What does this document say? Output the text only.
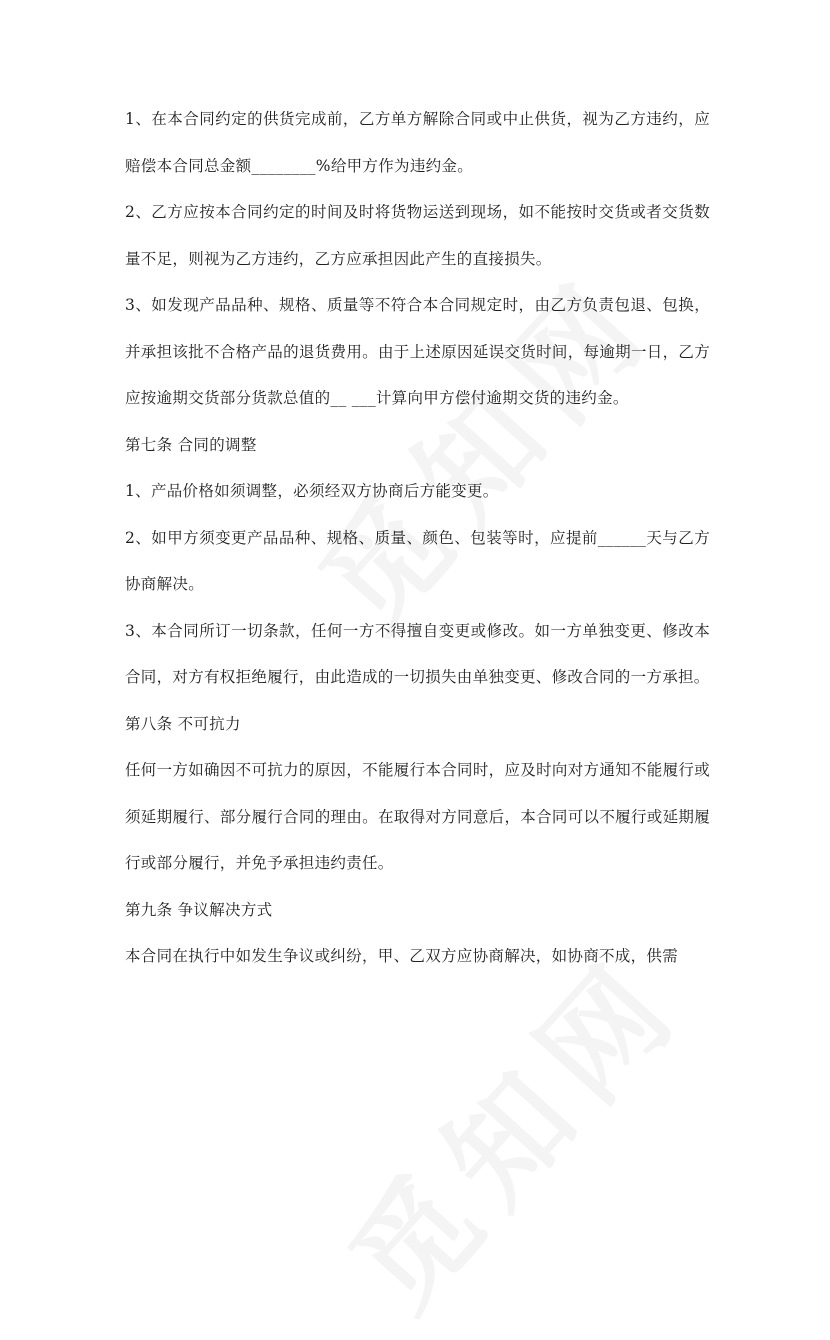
1、在本合同约定的供货完成前，乙方单方解除合同或中止供货，视为乙方违约，应赔偿本合同总金额________%给甲方作为违约金。

2、乙方应按本合同约定的时间及时将货物运送到现场，如不能按时交货或者交货数量不足，则视为乙方违约，乙方应承担因此产生的直接损失。

3、如发现产品品种、规格、质量等不符合本合同规定时，由乙方负责包退、包换，并承担该批不合格产品的退货费用。由于上述原因延误交货时间，每逾期一日，乙方应按逾期交货部分货款总值的__ ___计算向甲方偿付逾期交货的违约金。

第七条 合同的调整

1、产品价格如须调整，必须经双方协商后方能变更。

2、如甲方须变更产品品种、规格、质量、颜色、包装等时，应提前______天与乙方协商解决。

3、本合同所订一切条款，任何一方不得擅自变更或修改。如一方单独变更、修改本合同，对方有权拒绝履行，由此造成的一切损失由单独变更、修改合同的一方承担。

第八条 不可抗力

任何一方如确因不可抗力的原因，不能履行本合同时，应及时向对方通知不能履行或须延期履行、部分履行合同的理由。在取得对方同意后，本合同可以不履行或延期履行或部分履行，并免予承担违约责任。

第九条 争议解决方式

本合同在执行中如发生争议或纠纷，甲、乙双方应协商解决，如协商不成，供需
